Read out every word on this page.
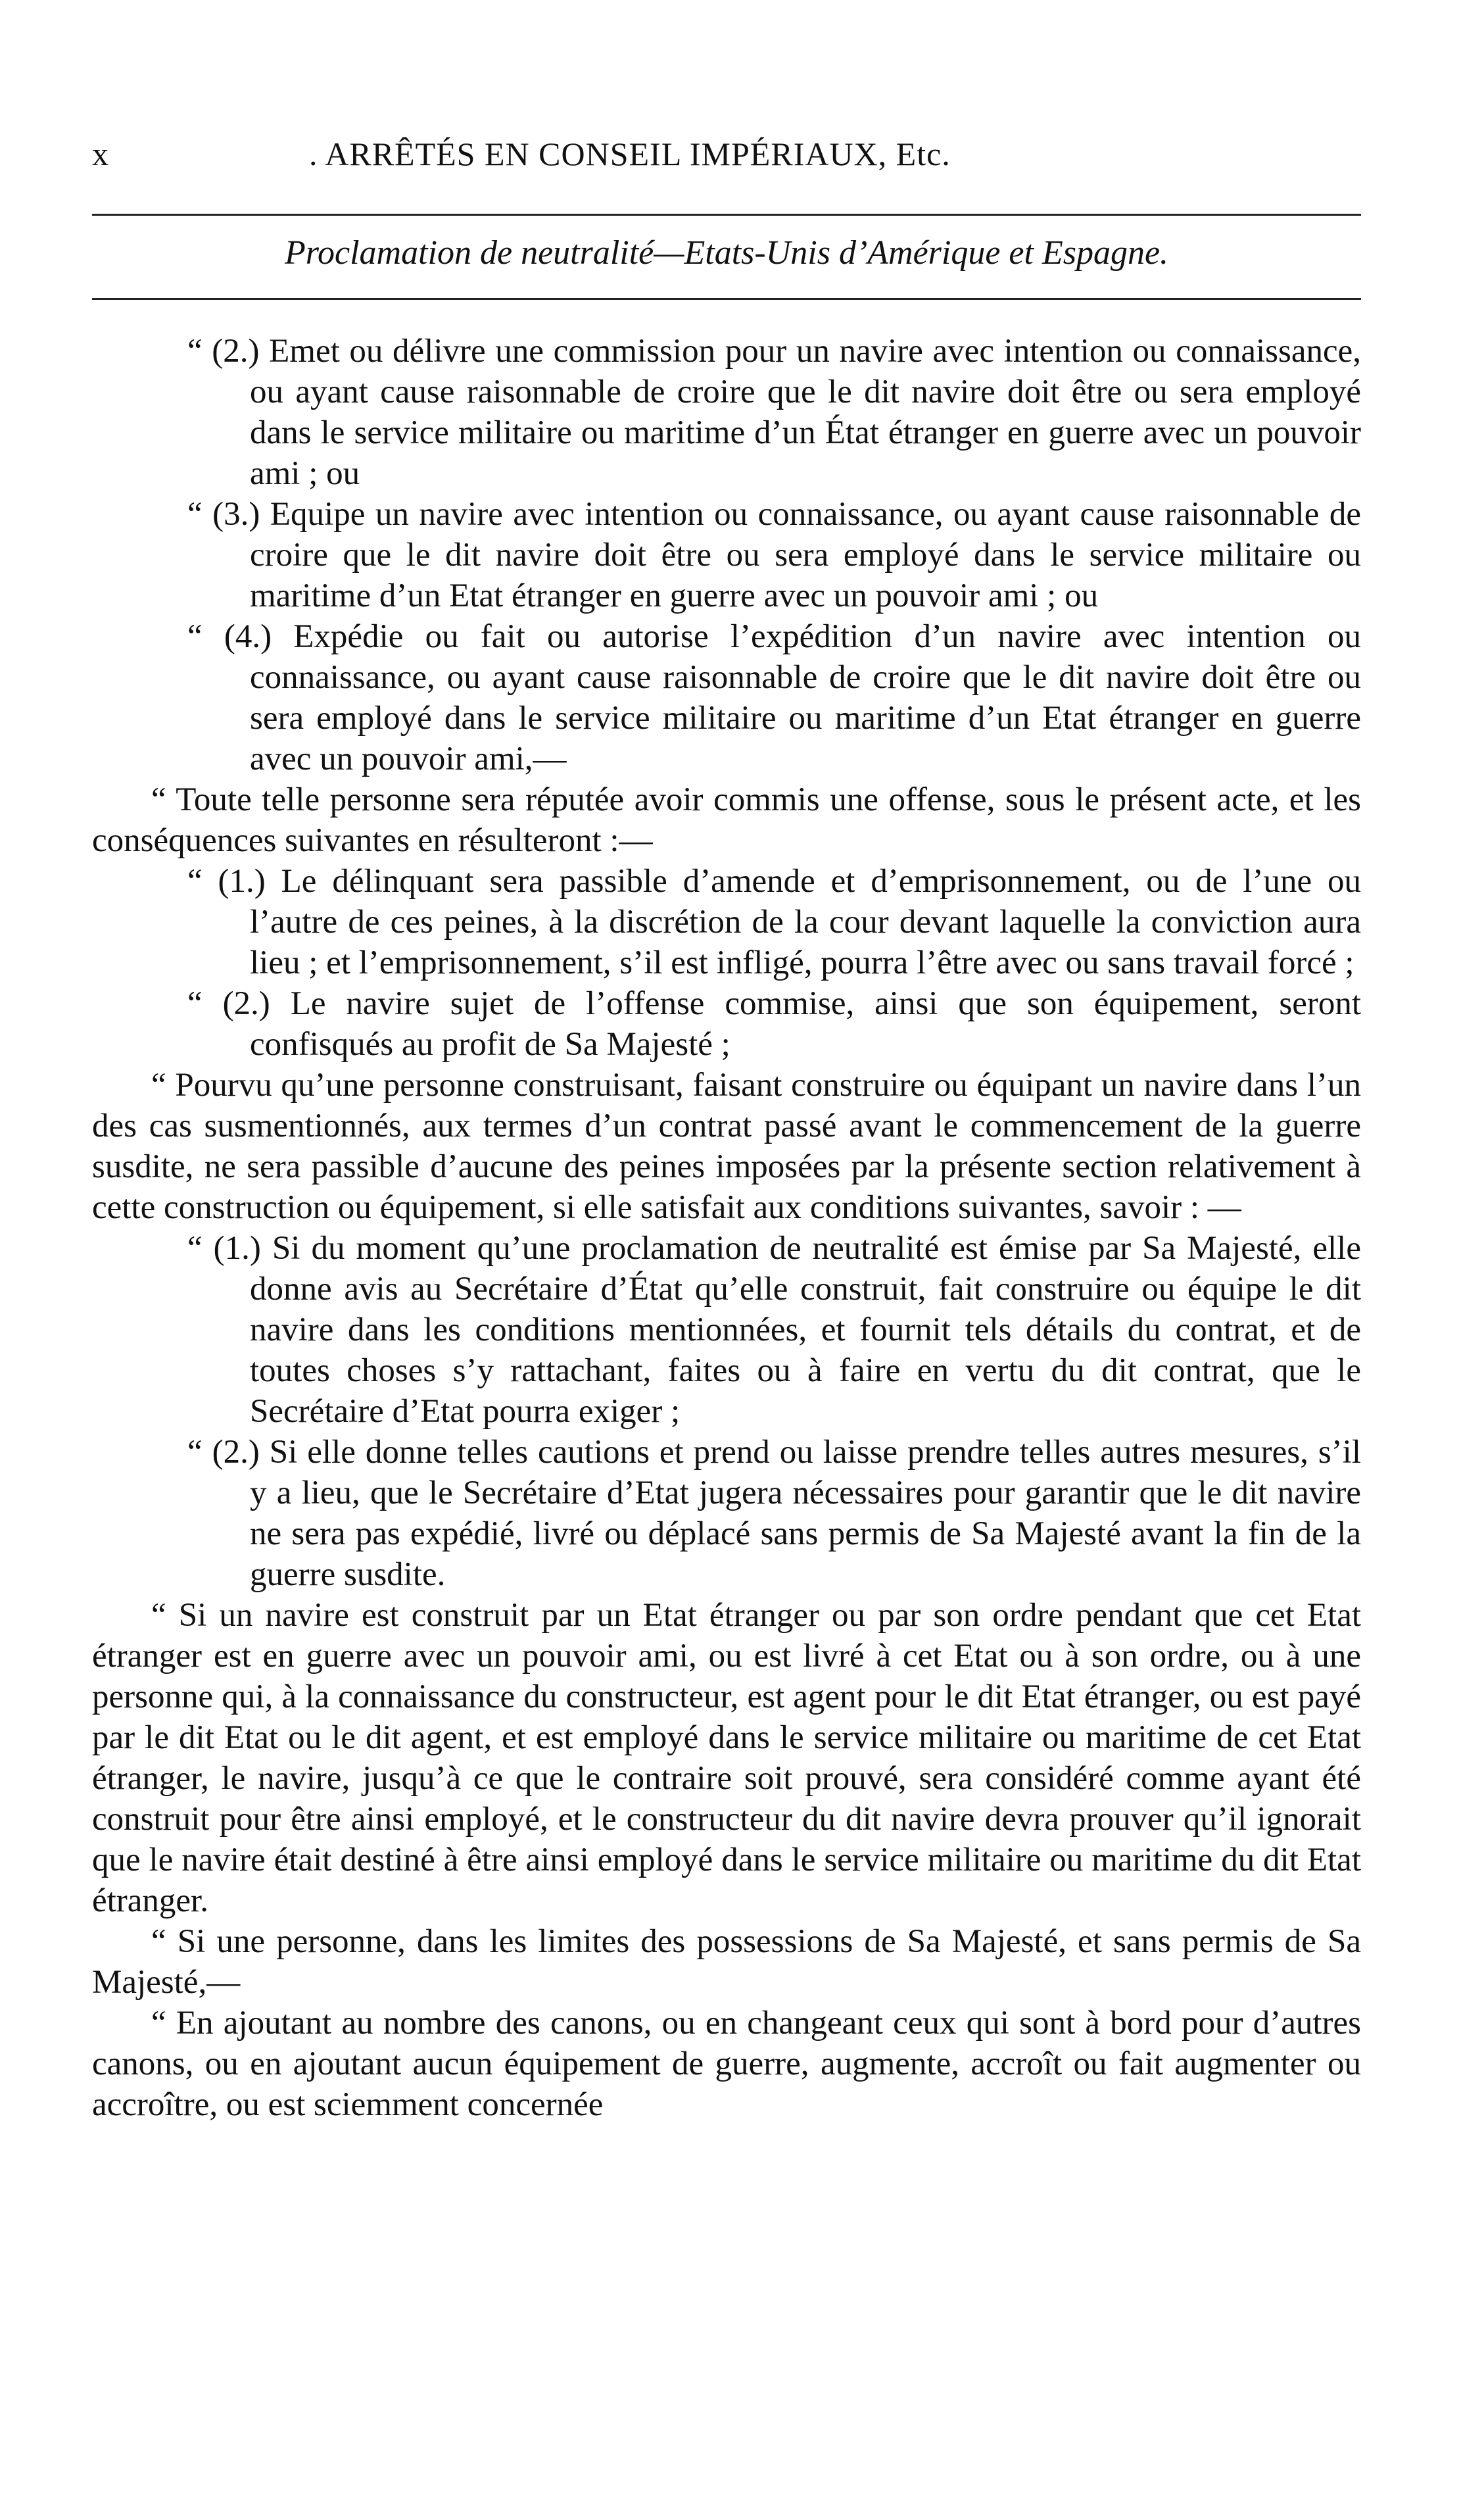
x	. ARRÊTÉS EN CONSEIL IMPÉRIAUX, Etc.
Proclamation de neutralité—Etats-Unis d’Amérique et Espagne.

“ (2.) Emet ou délivre une commission pour un navire avec intention ou connaissance, ou ayant cause raisonnable de croire que le dit navire doit être ou sera employé dans le service militaire ou maritime d’un État étranger en guerre avec un pouvoir ami ; ou

“ (3.) Equipe un navire avec intention ou connaissance, ou ayant cause raisonnable de croire que le dit navire doit être ou sera employé dans le service militaire ou maritime d’un Etat étranger en guerre avec un pouvoir ami ; ou

“ (4.) Expédie ou fait ou autorise l’expédition d’un navire avec intention ou connaissance, ou ayant cause raisonnable de croire que le dit navire doit être ou sera employé dans le service militaire ou maritime d’un Etat étranger en guerre avec un pouvoir ami,—

“ Toute telle personne sera réputée avoir commis une offense, sous le présent acte, et les conséquences suivantes en résulteront :—

“ (1.) Le délinquant sera passible d’amende et d’emprisonnement, ou de l’une ou l’autre de ces peines, à la discrétion de la cour devant laquelle la conviction aura lieu ; et l’emprisonnement, s’il est infligé, pourra l’être avec ou sans travail forcé ;

“ (2.) Le navire sujet de l’offense commise, ainsi que son équipement, seront confisqués au profit de Sa Majesté ;

“ Pourvu qu’une personne construisant, faisant construire ou équipant un navire dans l’un des cas susmentionnés, aux termes d’un contrat passé avant le commencement de la guerre susdite, ne sera passible d’aucune des peines imposées par la présente section relativement à cette construction ou équipement, si elle satisfait aux conditions suivantes, savoir : —

“ (1.) Si du moment qu’une proclamation de neutralité est émise par Sa Majesté, elle donne avis au Secrétaire d’État qu’elle construit, fait construire ou équipe le dit navire dans les conditions mentionnées, et fournit tels détails du contrat, et de toutes choses s’y rattachant, faites ou à faire en vertu du dit contrat, que le Secrétaire d’Etat pourra exiger ;

“ (2.) Si elle donne telles cautions et prend ou laisse prendre telles autres mesures, s’il y a lieu, que le Secrétaire d’Etat jugera nécessaires pour garantir que le dit navire ne sera pas expédié, livré ou déplacé sans permis de Sa Majesté avant la fin de la guerre susdite.

“ Si un navire est construit par un Etat étranger ou par son ordre pendant que cet Etat étranger est en guerre avec un pouvoir ami, ou est livré à cet Etat ou à son ordre, ou à une personne qui, à la connaissance du constructeur, est agent pour le dit Etat étranger, ou est payé par le dit Etat ou le dit agent, et est employé dans le service militaire ou maritime de cet Etat étranger, le navire, jusqu’à ce que le contraire soit prouvé, sera considéré comme ayant été construit pour être ainsi employé, et le constructeur du dit navire devra prouver qu’il ignorait que le navire était destiné à être ainsi employé dans le service militaire ou maritime du dit Etat étranger.

“ Si une personne, dans les limites des possessions de Sa Majesté, et sans permis de Sa Majesté,—

“ En ajoutant au nombre des canons, ou en changeant ceux qui sont à bord pour d’autres canons, ou en ajoutant aucun équipement de guerre, augmente, accroît ou fait augmenter ou accroître, ou est sciemment concernée
